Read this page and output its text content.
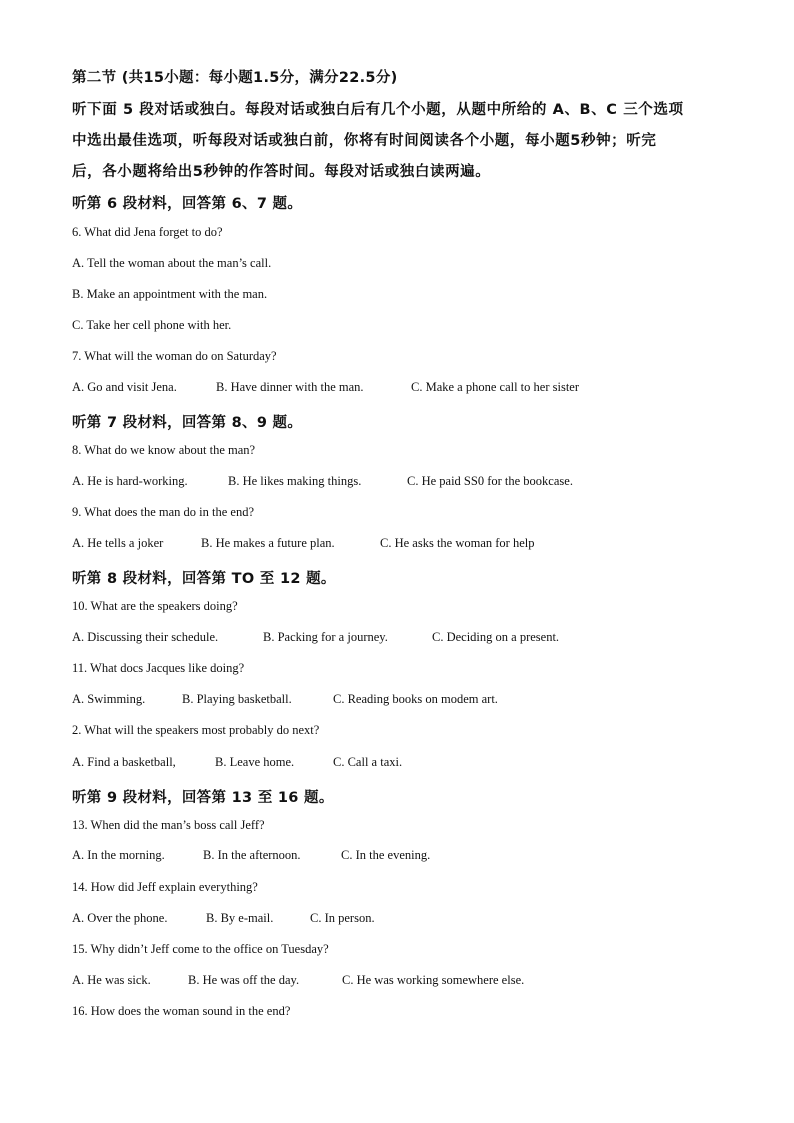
第二节 (共15小题：每小题1.5分，满分22.5分)
听下面 5 段对话或独白。每段对话或独白后有几个小题，从题中所给的 A、B、C 三个选项
中选出最佳选项，听每段对话或独白前，你将有时间阅读各个小题，每小题5秒钟；听完
后，各小题将给出5秒钟的作答时间。每段对话或独白读两遍。
听第 6 段材料，回答第 6、7 题。
6. What did Jena forget to do?
A. Tell the woman about the man’s call.
B. Make an appointment with the man.
C. Take her cell phone with her.
7. What will the woman do on Saturday?
A. Go and visit Jena.	B. Have dinner with the man.	C. Make a phone call to her sister
听第 7 段材料，回答第 8、9 题。
8. What do we know about the man?
A. He is hard-working.	B. He likes making things.	C. He paid SS0 for the bookcase.
9. What does the man do in the end?
A. He tells a joker	B. He makes a future plan.	C. He asks the woman for help
听第 8 段材料，回答第 TO 至 12 题。
10. What are the speakers doing?
A. Discussing their schedule.	B. Packing for a journey.	C. Deciding on a present.
11. What docs Jacques like doing?
A. Swimming.	B. Playing basketball.	C. Reading books on modem art.
2. What will the speakers most probably do next?
A. Find a basketball,	B. Leave home.	C. Call a taxi.
听第 9 段材料，回答第 13 至 16 题。
13. When did the man’s boss call Jeff?
A. In the morning.	B. In the afternoon.	C. In the evening.
14. How did Jeff explain everything?
A. Over the phone.	B. By e-mail.	C. In person.
15. Why didn’t Jeff come to the office on Tuesday?
A. He was sick.	B. He was off the day.	C. He was working somewhere else.
16. How does the woman sound in the end?
